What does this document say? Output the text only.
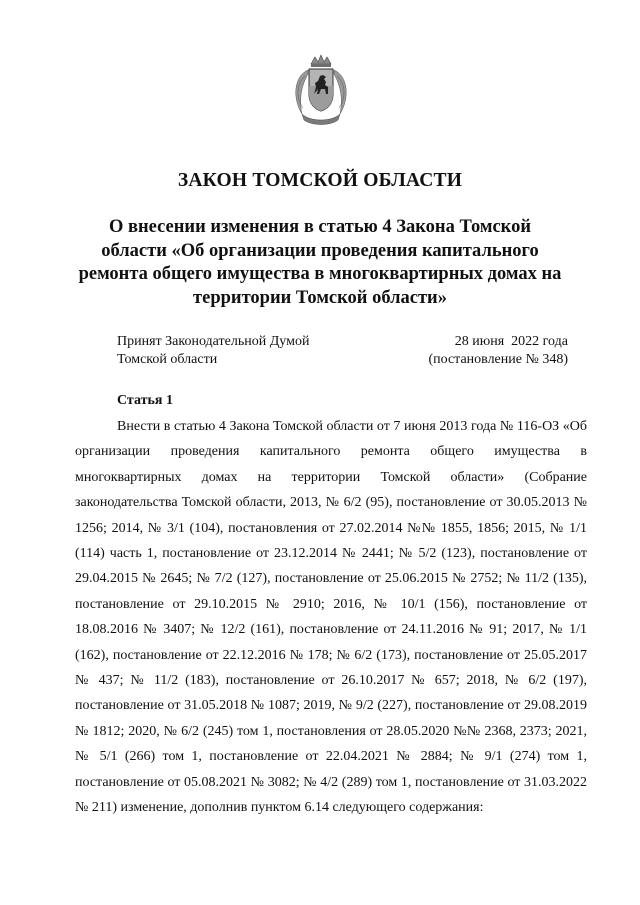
ЗАКОН ТОМСКОЙ ОБЛАСТИ
О внесении изменения в статью 4 Закона Томской
области «Об организации проведения капитального
ремонта общего имущества в многоквартирных домах на
территории Томской области»
Принят Законодательной Думой
Томской области
28 июня  2022 года
(постановление № 348)
Статья 1

Внести в статью 4 Закона Томской области от 7 июня 2013 года № 116-ОЗ «Об организации проведения капитального ремонта общего имущества в многоквартирных домах на территории Томской области» (Собрание законодательства Томской области, 2013, № 6/2 (95), постановление от 30.05.2013 № 1256; 2014, № 3/1 (104), постановления от 27.02.2014 №№ 1855, 1856; 2015, № 1/1 (114) часть 1, постановление от 23.12.2014 № 2441; № 5/2 (123), постановление от 29.04.2015 № 2645; № 7/2 (127), постановление от 25.06.2015 № 2752; № 11/2 (135), постановление от 29.10.2015 № 2910; 2016, № 10/1 (156), постановление от 18.08.2016 № 3407; № 12/2 (161), постановление от 24.11.2016 № 91; 2017, № 1/1 (162), постановление от 22.12.2016 № 178; № 6/2 (173), постановление от 25.05.2017 № 437; № 11/2 (183), постановление от 26.10.2017 № 657; 2018, № 6/2 (197), постановление от 31.05.2018 № 1087; 2019, № 9/2 (227), постановление от 29.08.2019 № 1812; 2020, № 6/2 (245) том 1, постановления от 28.05.2020 №№ 2368, 2373; 2021, № 5/1 (266) том 1, постановление от 22.04.2021 № 2884; № 9/1 (274) том 1, постановление от 05.08.2021 № 3082; № 4/2 (289) том 1, постановление от 31.03.2022 № 211) изменение, дополнив пунктом 6.14 следующего содержания:
